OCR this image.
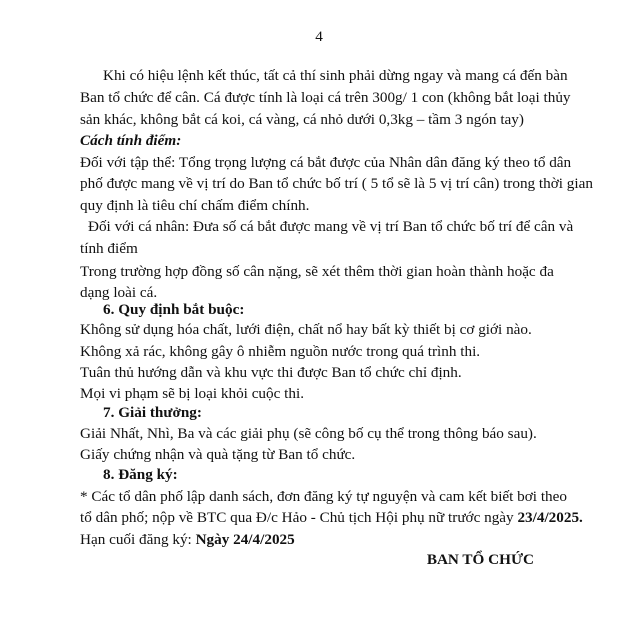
4
Khi có hiệu lệnh kết thúc, tất cả thí sinh phải dừng ngay và mang cá đến bàn
Ban tổ chức để cân. Cá được tính là loại cá trên 300g/ 1 con (không bắt loại thủy
sản khác, không bắt cá koi, cá vàng, cá nhỏ dưới 0,3kg – tầm 3 ngón tay)
Cách tính điểm:
Đối với tập thể: Tổng trọng lượng cá bắt được của Nhân dân đăng ký theo tổ dân
phố được mang về vị trí do Ban tổ chức bố trí ( 5 tổ sẽ là 5 vị trí cân) trong thời gian
quy định là tiêu chí chấm điểm chính.
Đối với cá nhân: Đưa số cá bắt được mang về vị trí Ban tổ chức bố trí để cân và
tính điểm
Trong trường hợp đồng số cân nặng, sẽ xét thêm thời gian hoàn thành hoặc đa
dạng loài cá.
6. Quy định bắt buộc:
Không sử dụng hóa chất, lưới điện, chất nổ hay bất kỳ thiết bị cơ giới nào.
Không xả rác, không gây ô nhiễm nguồn nước trong quá trình thi.
Tuân thủ hướng dẫn và khu vực thi được Ban tổ chức chỉ định.
Mọi vi phạm sẽ bị loại khỏi cuộc thi.
7. Giải thưởng:
Giải Nhất, Nhì, Ba và các giải phụ (sẽ công bố cụ thể trong thông báo sau).
Giấy chứng nhận và quà tặng từ Ban tổ chức.
8. Đăng ký:
* Các tổ dân phố lập danh sách, đơn đăng ký tự nguyện và cam kết biết bơi theo
tổ dân phố; nộp về BTC qua Đ/c Hảo - Chủ tịch Hội phụ nữ trước ngày 23/4/2025.
Hạn cuối đăng ký: Ngày 24/4/2025
BAN TỔ CHỨC
